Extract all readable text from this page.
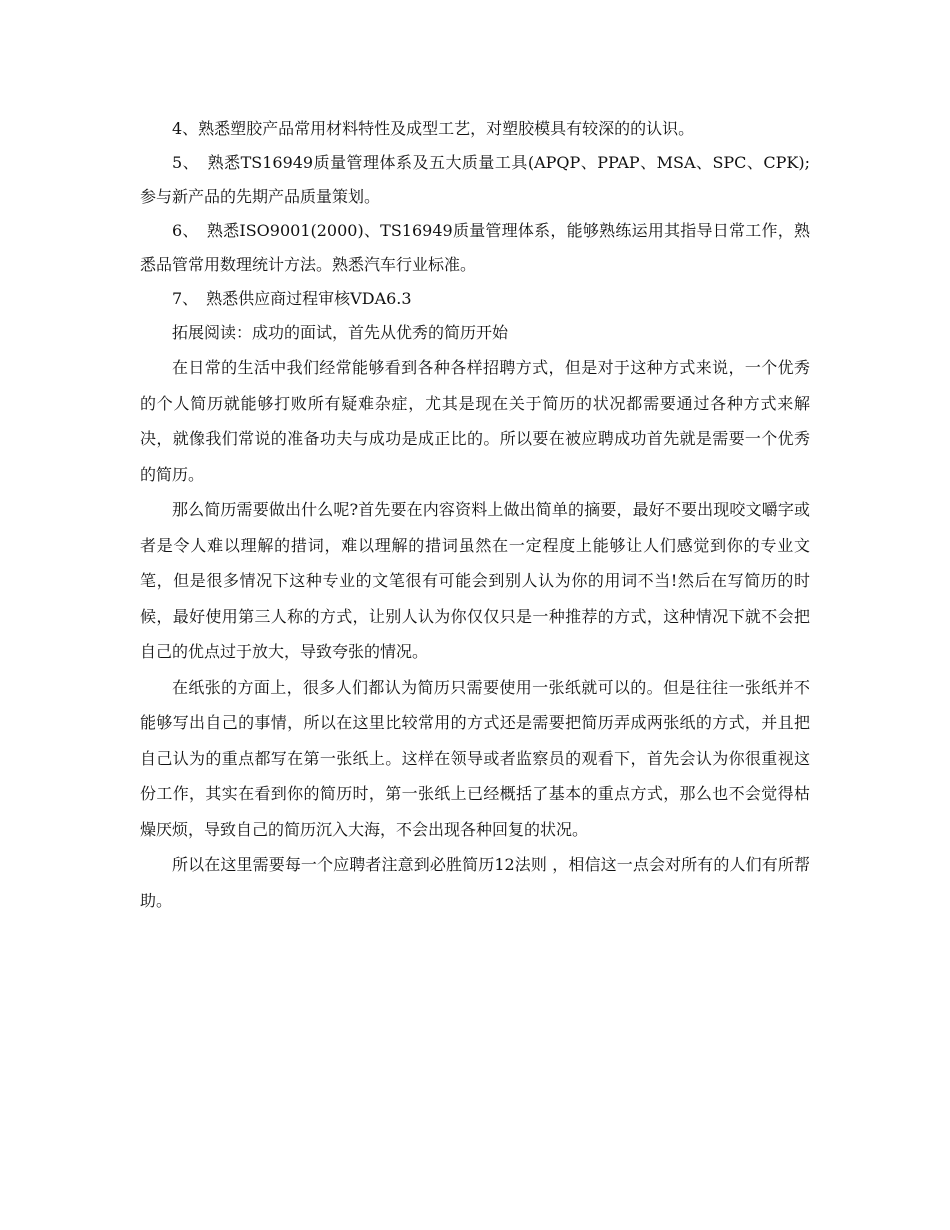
4、熟悉塑胶产品常用材料特性及成型工艺，对塑胶模具有较深的的认识。

5、　熟悉TS16949质量管理体系及五大质量工具(APQP、PPAP、MSA、SPC、CPK);参与新产品的先期产品质量策划。

6、　熟悉ISO9001(2000)、TS16949质量管理体系，能够熟练运用其指导日常工作，熟悉品管常用数理统计方法。熟悉汽车行业标准。

7、　熟悉供应商过程审核VDA6.3

拓展阅读：成功的面试，首先从优秀的简历开始

在日常的生活中我们经常能够看到各种各样招聘方式，但是对于这种方式来说，一个优秀的个人简历就能够打败所有疑难杂症，尤其是现在关于简历的状况都需要通过各种方式来解决，就像我们常说的准备功夫与成功是成正比的。所以要在被应聘成功首先就是需要一个优秀的简历。

那么简历需要做出什么呢?首先要在内容资料上做出简单的摘要，最好不要出现咬文嚼字或者是令人难以理解的措词，难以理解的措词虽然在一定程度上能够让人们感觉到你的专业文笔，但是很多情况下这种专业的文笔很有可能会到别人认为你的用词不当!然后在写简历的时候，最好使用第三人称的方式，让别人认为你仅仅只是一种推荐的方式，这种情况下就不会把自己的优点过于放大，导致夸张的情况。

在纸张的方面上，很多人们都认为简历只需要使用一张纸就可以的。但是往往一张纸并不能够写出自己的事情，所以在这里比较常用的方式还是需要把简历弄成两张纸的方式，并且把自己认为的重点都写在第一张纸上。这样在领导或者监察员的观看下，首先会认为你很重视这份工作，其实在看到你的简历时，第一张纸上已经概括了基本的重点方式，那么也不会觉得枯燥厌烦，导致自己的简历沉入大海，不会出现各种回复的状况。

所以在这里需要每一个应聘者注意到必胜简历12法则 ，相信这一点会对所有的人们有所帮助。
